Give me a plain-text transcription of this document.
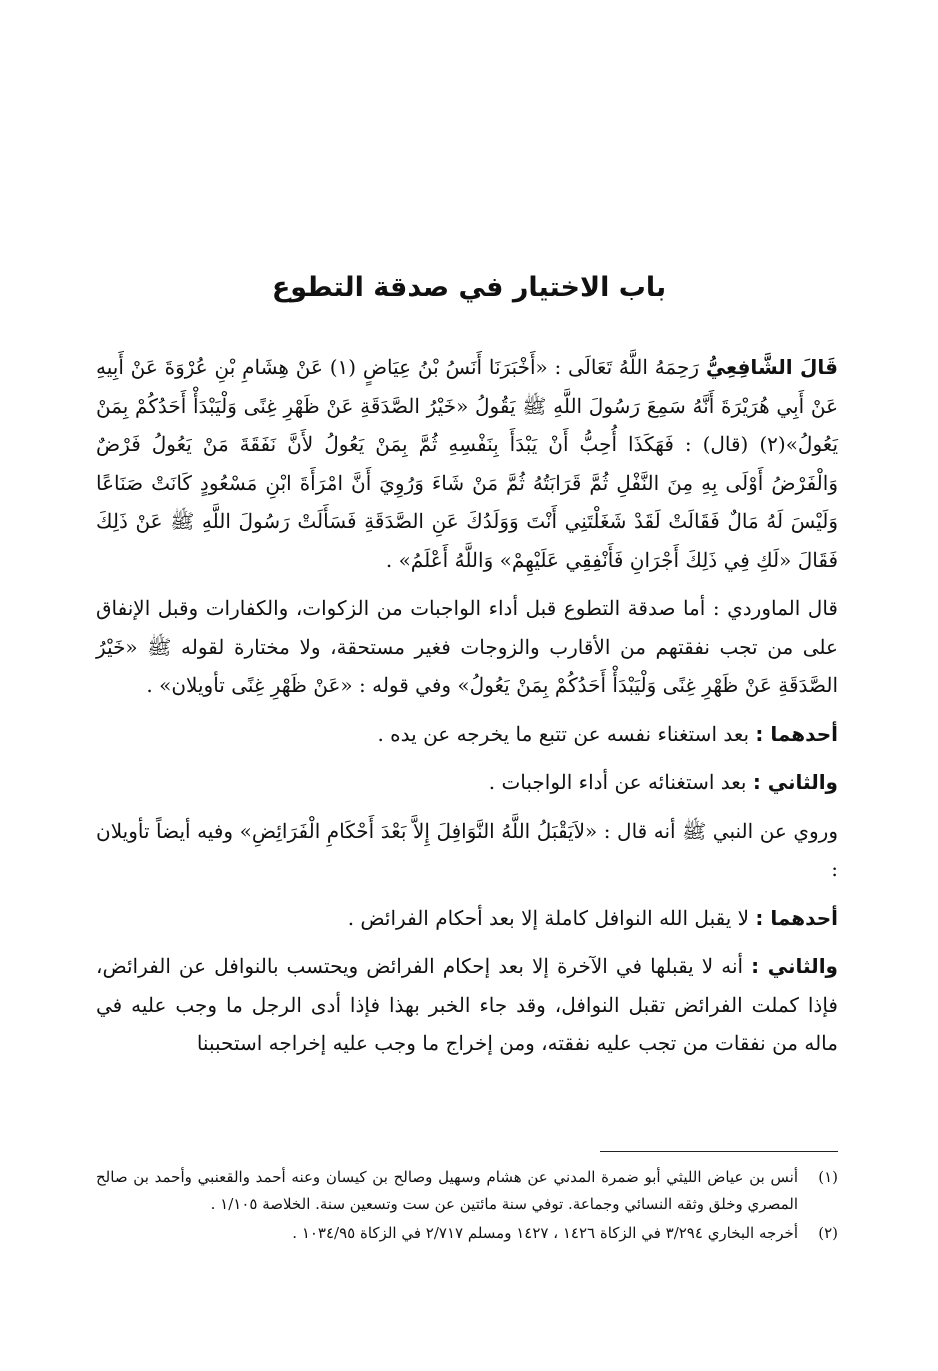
باب الاختيار في صدقة التطوع

قَالَ الشَّافِعِيُّ رَحِمَهُ اللَّهُ تَعَالَى : «أَخْبَرَنَا أَنَسُ بْنُ عِيَاضٍ (١) عَنْ هِشَامِ بْنِ عُرْوَةَ عَنْ أَبِيهِ عَنْ أَبِي هُرَيْرَةَ أَنَّهُ سَمِعَ رَسُولَ اللَّهِ ﷺ يَقُولُ «خَيْرُ الصَّدَقَةِ عَنْ ظَهْرِ غِنًى وَلْيَبْدَأْ أَحَدُكُمْ بِمَنْ يَعُولُ»(٢) (قال) : فَهَكَذَا أُحِبُّ أَنْ يَبْدَأَ بِنَفْسِهِ ثُمَّ بِمَنْ يَعُولُ لأَنَّ نَفَقَةَ مَنْ يَعُولُ فَرْضٌ وَالْفَرْضُ أَوْلَى بِهِ مِنَ النَّفْلِ ثُمَّ قَرَابَتُهُ ثُمَّ مَنْ شَاءَ وَرُوِيَ أَنَّ امْرَأَةَ ابْنِ مَسْعُودٍ كَانَتْ صَنَاعًا وَلَيْسَ لَهُ مَالٌ فَقَالَتْ لَقَدْ شَغَلْتَنِي أَنْتَ وَوَلَدُكَ عَنِ الصَّدَقَةِ فَسَأَلَتْ رَسُولَ اللَّهِ ﷺ عَنْ ذَلِكَ فَقَالَ «لَكِ فِي ذَلِكَ أَجْرَانِ فَأَنْفِقِي عَلَيْهِمْ» وَاللَّهُ أَعْلَمُ» .

قال الماوردي : أما صدقة التطوع قبل أداء الواجبات من الزكوات، والكفارات وقبل الإنفاق على من تجب نفقتهم من الأقارب والزوجات فغير مستحقة، ولا مختارة لقوله ﷺ «خَيْرُ الصَّدَقَةِ عَنْ ظَهْرِ غِنًى وَلْيَبْدَأْ أَحَدُكُمْ بِمَنْ يَعُولُ» وفي قوله : «عَنْ ظَهْرِ غِنًى تأويلان» .

أحدهما : بعد استغناء نفسه عن تتبع ما يخرجه عن يده .

والثاني : بعد استغنائه عن أداء الواجبات .

وروي عن النبي ﷺ أنه قال : «لاَيَقْبَلُ اللَّهُ النَّوَافِلَ إِلاَّ بَعْدَ أَحْكَامِ الْفَرَائِضِ» وفيه أيضاً تأويلان :

أحدهما : لا يقبل الله النوافل كاملة إلا بعد أحكام الفرائض .

والثاني : أنه لا يقبلها في الآخرة إلا بعد إحكام الفرائض ويحتسب بالنوافل عن الفرائض، فإذا كملت الفرائض تقبل النوافل، وقد جاء الخبر بهذا فإذا أدى الرجل ما وجب عليه في ماله من نفقات من تجب عليه نفقته، ومن إخراج ما وجب عليه إخراجه استحببنا

(١)
أنس بن عياض الليثي أبو ضمرة المدني عن هشام وسهيل وصالح بن كيسان وعنه أحمد والقعنبي وأحمد بن صالح المصري وخلق وثقه النسائي وجماعة. توفي سنة مائتين عن ست وتسعين سنة. الخلاصة ١/١٠٥ .
(٢)
أخرجه البخاري ٣/٢٩٤ في الزكاة ١٤٢٦ ، ١٤٢٧ ومسلم ٢/٧١٧ في الزكاة ١٠٣٤/٩٥ .
